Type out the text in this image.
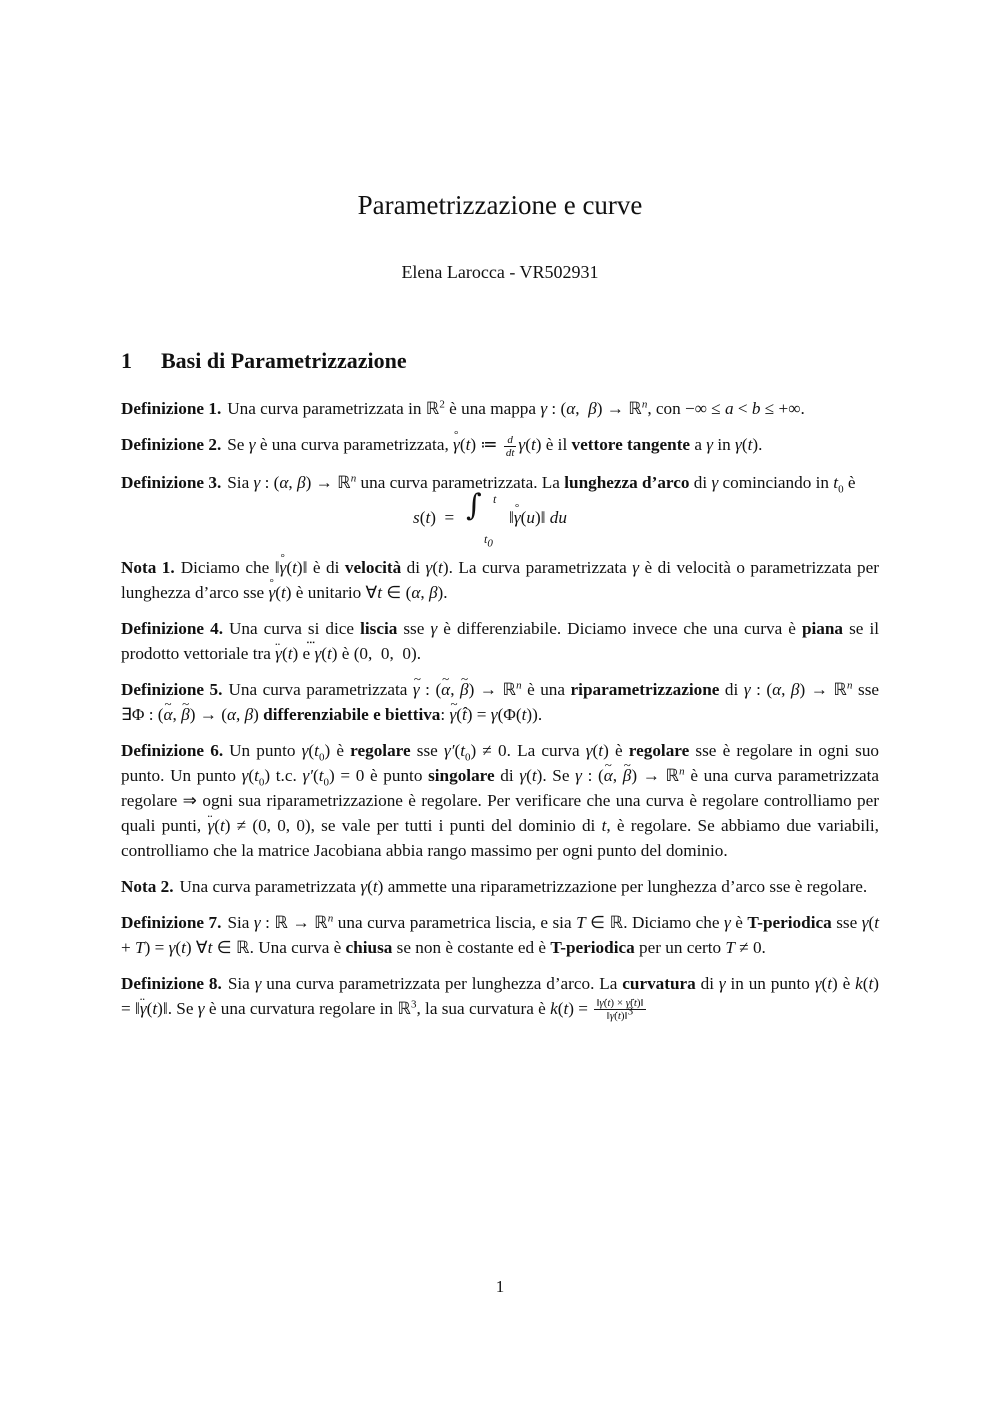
Parametrizzazione e curve
Elena Larocca - VR502931
1 Basi di Parametrizzazione

Definizione 1. Una curva parametrizzata in ℝ$^2$ è una mappa γ : (α,  β) → ℝ$^n$, con −∞ ≤ a < b ≤ +∞.

Definizione 2. Se γ è una curva parametrizzata, ° γ(t) ≔ $\frac{d}{dt} \gamma(t)$ è il vettore tangente a γ in γ(t).

Definizione 3. Sia γ : (α, β) → ℝ$^n$ una curva parametrizzata. La lunghezza d’arco di γ cominciando in $t_0$ è

s(t)  = ∫ t
$t_0$
‖° γ(u)‖ du

Nota 1. Diciamo che ‖° γ(t)‖ è di velocità di γ(t). La curva parametrizzata γ è di velocità o parametrizzata per lunghezza d’arco sse ° γ(t) è unitario ∀t ∈ (α, β).

Definizione 4. Una curva si dice liscia sse γ è differenziabile. Diciamo invece che una curva è piana se il prodotto vettoriale tra ¨ γ(t) e ⃛ γ(t) è (0,  0,  0).

Definizione 5. Una curva parametrizzata ~ γ : (~ α, ~ β) → ℝ$^n$ è una riparametrizzazione di γ : (α, β) → ℝ$^n$ sse ∃Φ : (~ α, ~ β) → (α, β) differenziabile e biettiva: ~ γ(t̂) = γ(Φ(t)).

Definizione 6. Un punto $\gamma(t_0)$ è regolare sse $\gamma'(t_0) \ne 0$. La curva γ(t) è regolare sse è regolare in ogni suo punto. Un punto $\gamma(t_0)$ t.c. $\gamma'(t_0) = 0$ è punto singolare di γ(t). Se γ : (~ α, ~ β) → ℝ$^n$ è una curva parametrizzata regolare ⇒ ogni sua riparametrizzazione è regolare. Per verificare che una curva è regolare controlliamo per quali punti, ¨ γ(t) ≠ (0, 0, 0), se vale per tutti i punti del dominio di t, è regolare. Se abbiamo due variabili, controlliamo che la matrice Jacobiana abbia rango massimo per ogni punto del dominio.

Nota 2. Una curva parametrizzata γ(t) ammette una riparametrizzazione per lunghezza d’arco sse è regolare.

Definizione 7. Sia γ : ℝ → ℝ$^n$ una curva parametrica liscia, e sia T ∈ ℝ. Diciamo che γ è T-periodica sse γ(t + T) = γ(t) ∀t ∈ ℝ. Una curva è chiusa se non è costante ed è T-periodica per un certo T ≠ 0.

Definizione 8. Sia γ una curva parametrizzata per lunghezza d’arco. La curvatura di γ in un punto γ(t) è k(t) = ‖¨ γ(t)‖. Se γ è una curvatura regolare in ℝ$^3$, la sua curvatura è $k(t) = \frac{‖\gammȧ(t) \times \gammä(t)‖}{‖\gammȧ(t)‖^3}$

1
